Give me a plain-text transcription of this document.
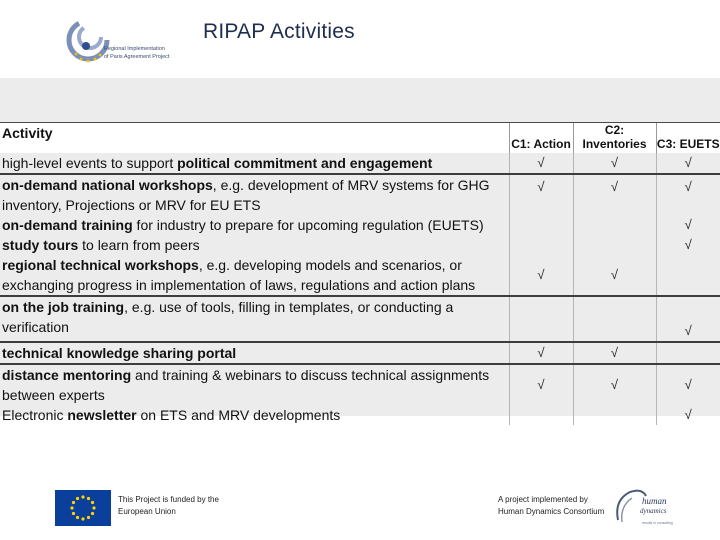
Regional Implementation
of Paris Agreement Project
RIPAP Activities
Activity	C1: Action	C2: Inventories	C3: EUETS
high-level events to support political commitment and engagement	√	√	√
on-demand national workshops, e.g. development of MRV systems for GHG inventory, Projections or MRV for EU ETS	√	√	√
on-demand training for industry to prepare for upcoming regulation (EUETS)			√
study tours to learn from peers			√
regional technical workshops, e.g. developing models and scenarios, or exchanging progress in implementation of laws, regulations and action plans	√	√	
on the job training, e.g. use of tools, filling in templates, or conducting a verification			√
technical knowledge sharing portal	√	√	
distance mentoring and training & webinars to discuss technical assignments between experts	√	√	√
Electronic newsletter on ETS and MRV developments			√
This Project is funded by the
European Union
A project implemented by
Human Dynamics Consortium
human
dynamics
results in consulting
